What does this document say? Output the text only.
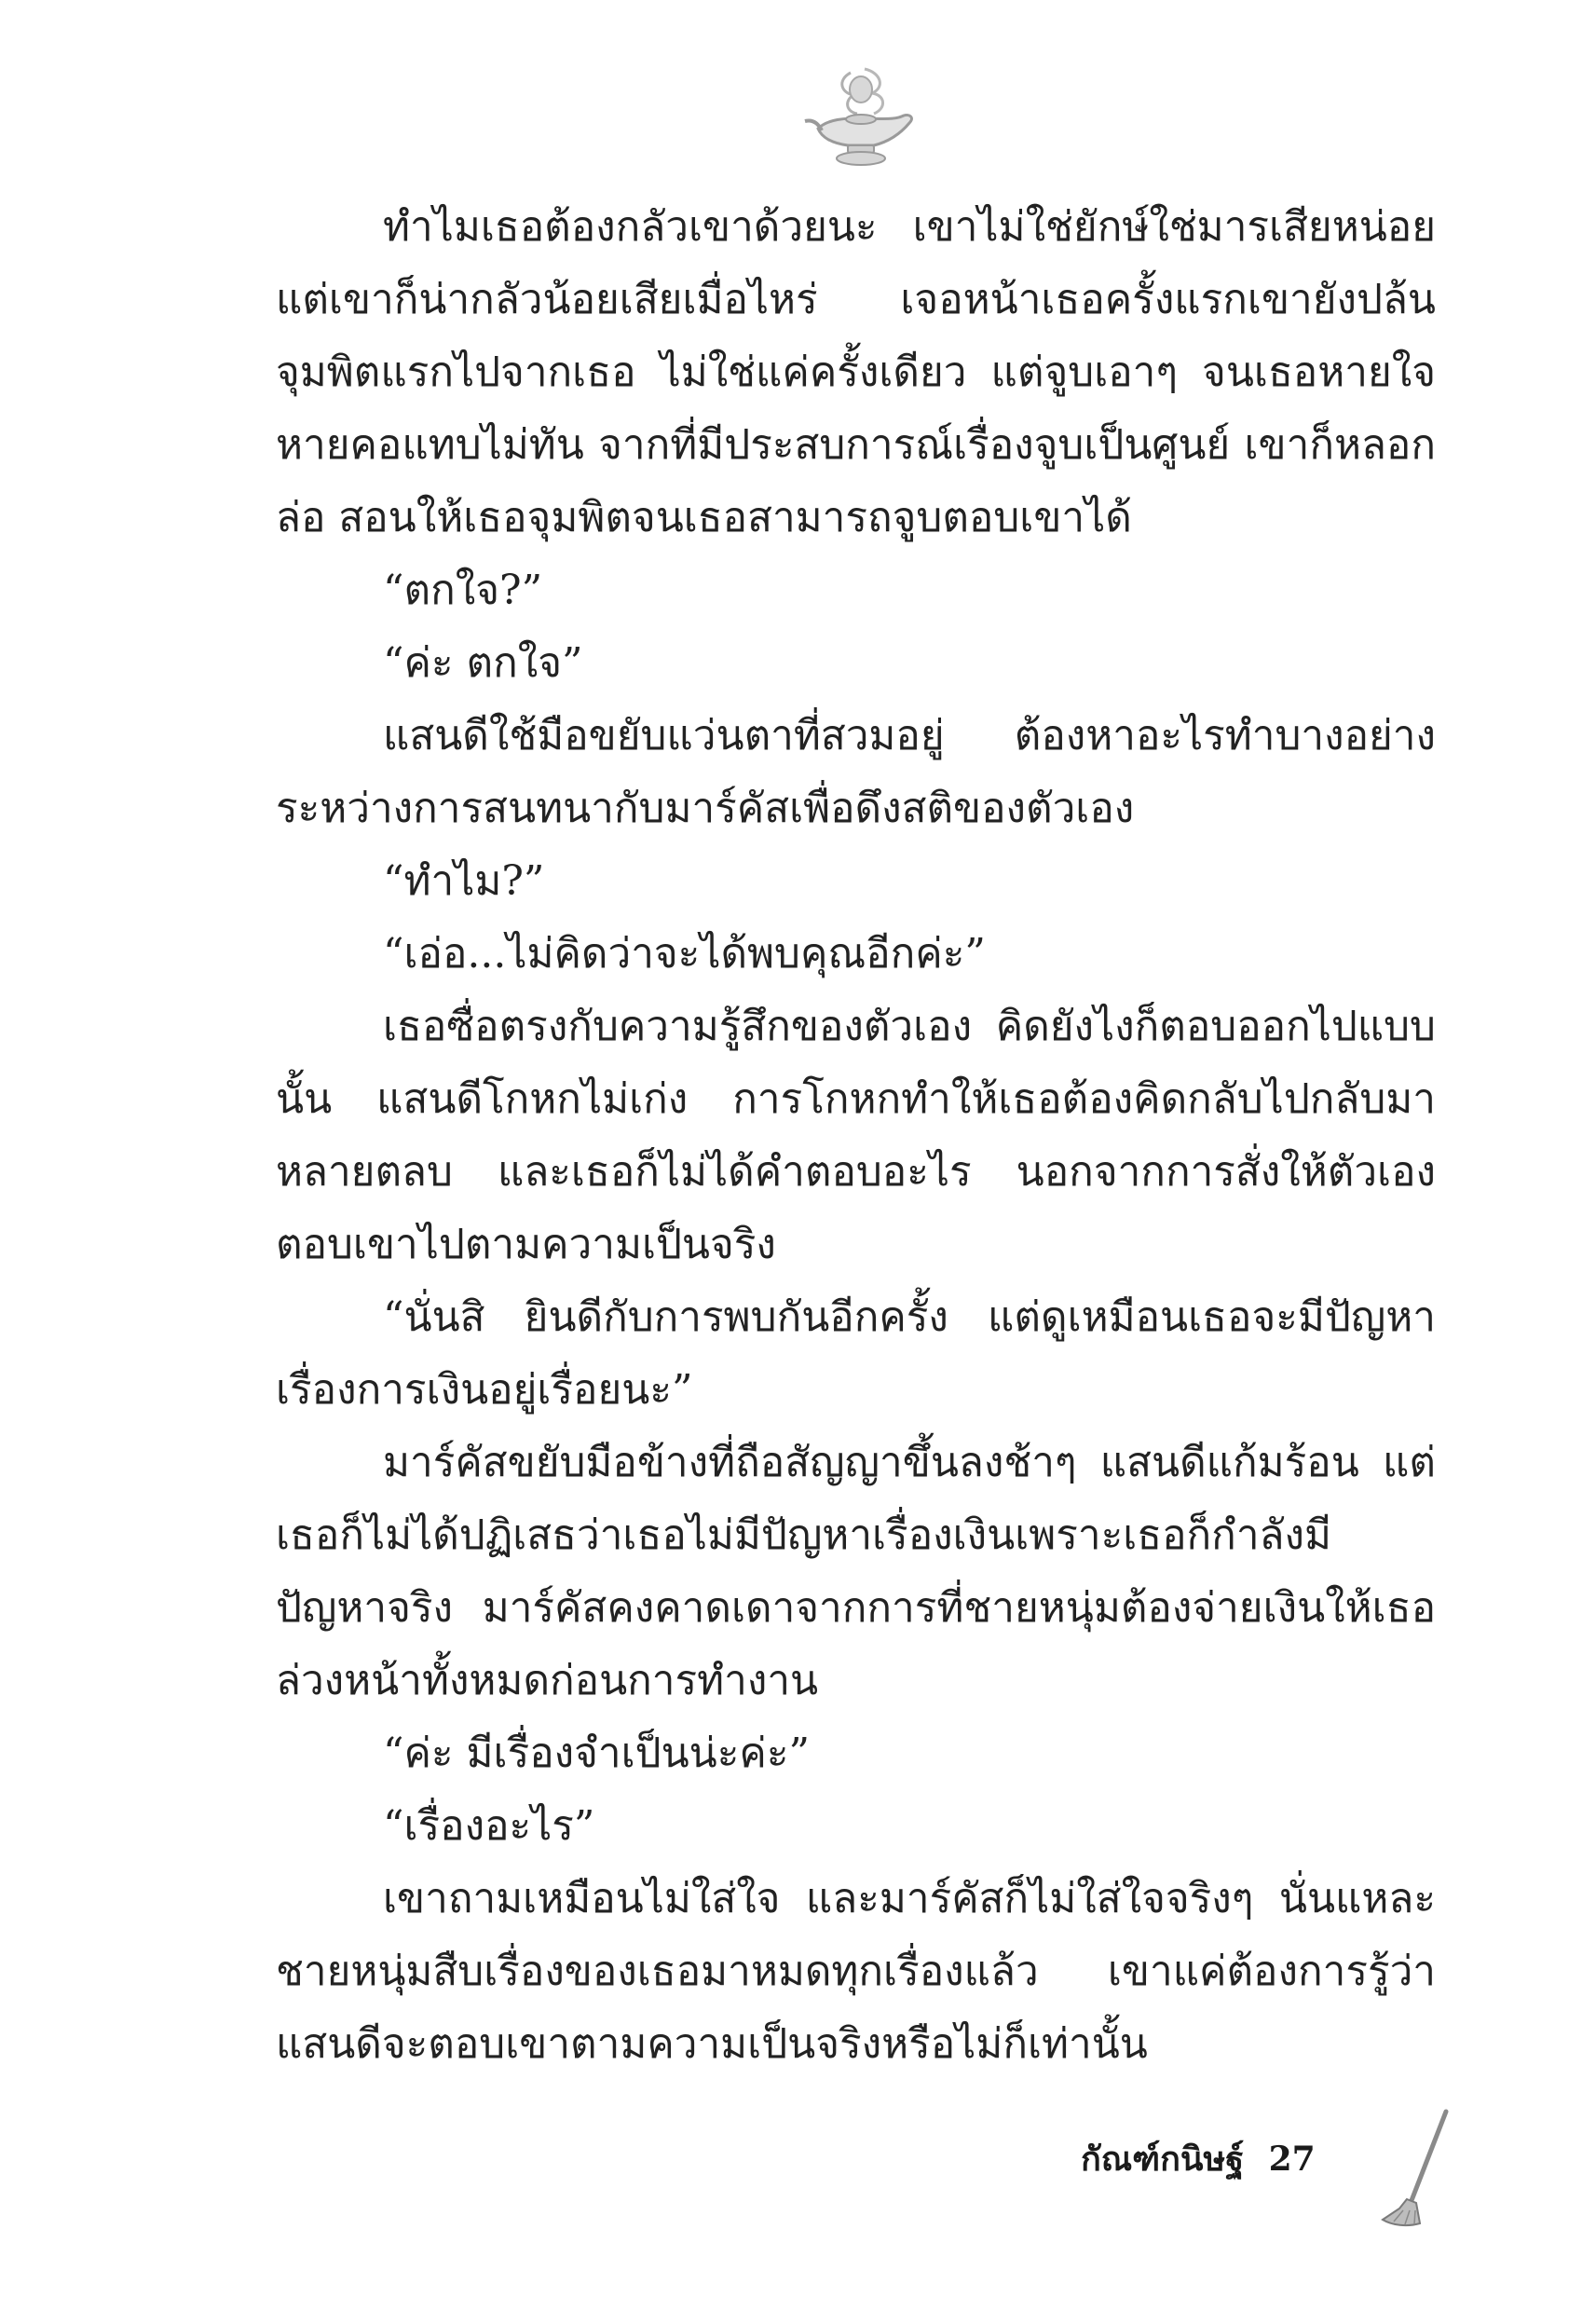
ทำไมเธอต้องกลัวเขาด้วยนะ เขาไม่ใช่ยักษ์ใช่มารเสียหน่อย แต่เขาก็น่ากลัวน้อยเสียเมื่อไหร่ เจอหน้าเธอครั้งแรกเขายังปล้นจุมพิตแรกไปจากเธอ ไม่ใช่แค่ครั้งเดียว แต่จูบเอาๆ จนเธอหายใจหายคอแทบไม่ทัน จากที่มีประสบการณ์เรื่องจูบเป็นศูนย์ เขาก็หลอกล่อ สอนให้เธอจุมพิตจนเธอสามารถจูบตอบเขาได้

“ตกใจ?”

“ค่ะ ตกใจ”

แสนดีใช้มือขยับแว่นตาที่สวมอยู่ ต้องหาอะไรทำบางอย่างระหว่างการสนทนากับมาร์คัสเพื่อดึงสติของตัวเอง

“ทำไม?”

“เอ่อ...ไม่คิดว่าจะได้พบคุณอีกค่ะ”

เธอซื่อตรงกับความรู้สึกของตัวเอง คิดยังไงก็ตอบออกไปแบบนั้น แสนดีโกหกไม่เก่ง การโกหกทำให้เธอต้องคิดกลับไปกลับมาหลายตลบ และเธอก็ไม่ได้คำตอบอะไร นอกจากการสั่งให้ตัวเองตอบเขาไปตามความเป็นจริง

“นั่นสิ ยินดีกับการพบกันอีกครั้ง แต่ดูเหมือนเธอจะมีปัญหาเรื่องการเงินอยู่เรื่อยนะ”

มาร์คัสขยับมือข้างที่ถือสัญญาขึ้นลงช้าๆ แสนดีแก้มร้อน แต่เธอก็ไม่ได้ปฏิเสธว่าเธอไม่มีปัญหาเรื่องเงินเพราะเธอก็กำลังมีปัญหาจริง มาร์คัสคงคาดเดาจากการที่ชายหนุ่มต้องจ่ายเงินให้เธอล่วงหน้าทั้งหมดก่อนการทำงาน

“ค่ะ มีเรื่องจำเป็นน่ะค่ะ”

“เรื่องอะไร”

เขาถามเหมือนไม่ใส่ใจ และมาร์คัสก็ไม่ใส่ใจจริงๆ นั่นแหละชายหนุ่มสืบเรื่องของเธอมาหมดทุกเรื่องแล้ว เขาแค่ต้องการรู้ว่าแสนดีจะตอบเขาตามความเป็นจริงหรือไม่ก็เท่านั้น

กัณฑ์กนิษฐ์ 27
